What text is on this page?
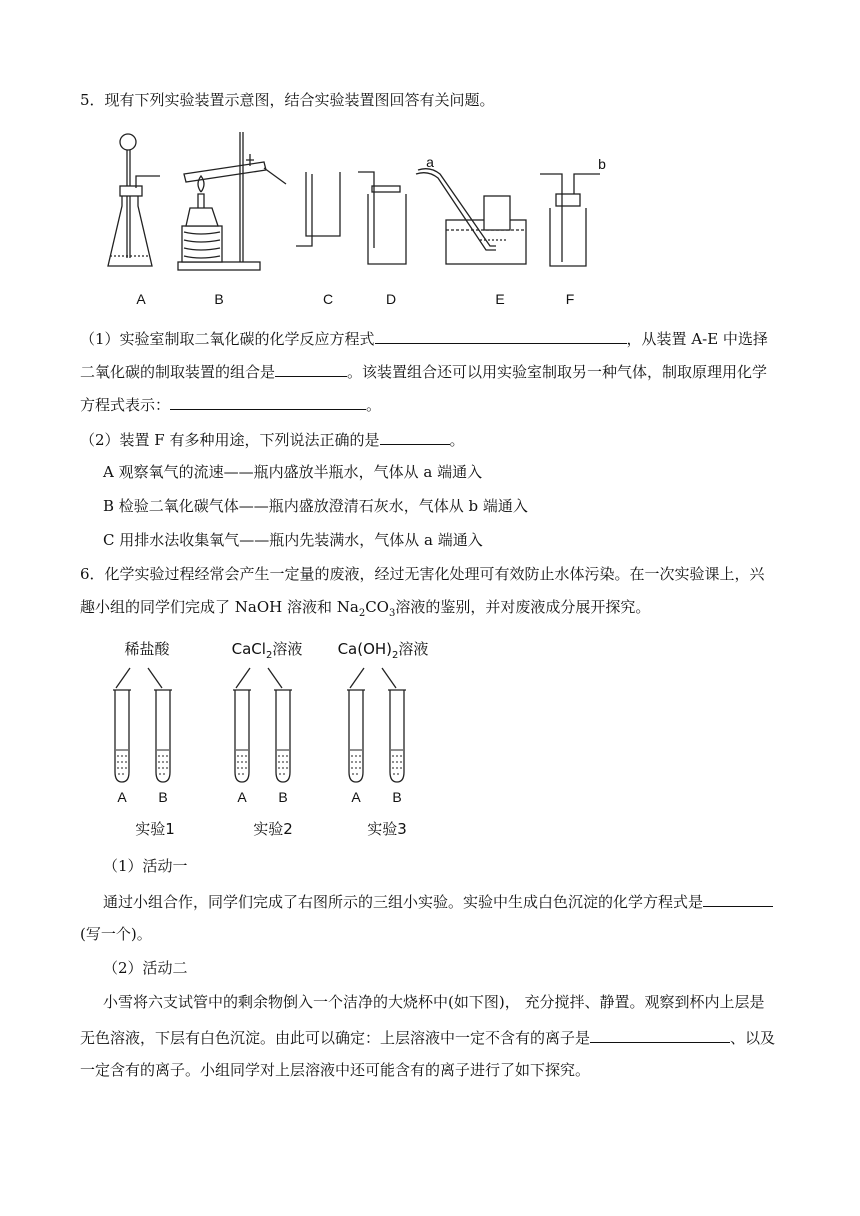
5．现有下列实验装置示意图，结合实验装置图回答有关问题。
a	b
A	B	C	D	E	F
（1）实验室制取二氧化碳的化学反应方程式	，从装置 A-E 中选择
二氧化碳的制取装置的组合是	。该装置组合还可以用实验室制取另一种气体，制取原理用化学
方程式表示：	。
（2）装置 F 有多种用途，下列说法正确的是	。
A 观察氧气的流速——瓶内盛放半瓶水，气体从 a 端通入
B 检验二氧化碳气体——瓶内盛放澄清石灰水，气体从 b 端通入
C 用排水法收集氧气——瓶内先装满水，气体从 a 端通入
6．化学实验过程经常会产生一定量的废液，经过无害化处理可有效防止水体污染。在一次实验课上，兴
趣小组的同学们完成了 NaOH 溶液和 $Na_2CO_3$溶液的鉴别，并对废液成分展开探究。
稀盐酸	CaCl$_2$溶液	$Ca(OH)_2$溶液
A	B	A	B	A	B
实验1	实验2	实验3
（1）活动一
通过小组合作，同学们完成了右图所示的三组小实验。实验中生成白色沉淀的化学方程式是
(写一个)。
（2）活动二
小雪将六支试管中的剩余物倒入一个洁净的大烧杯中(如下图)， 充分搅拌、静置。观察到杯内上层是
无色溶液，下层有白色沉淀。由此可以确定：上层溶液中一定不含有的离子是	、以及
一定含有的离子。小组同学对上层溶液中还可能含有的离子进行了如下探究。
